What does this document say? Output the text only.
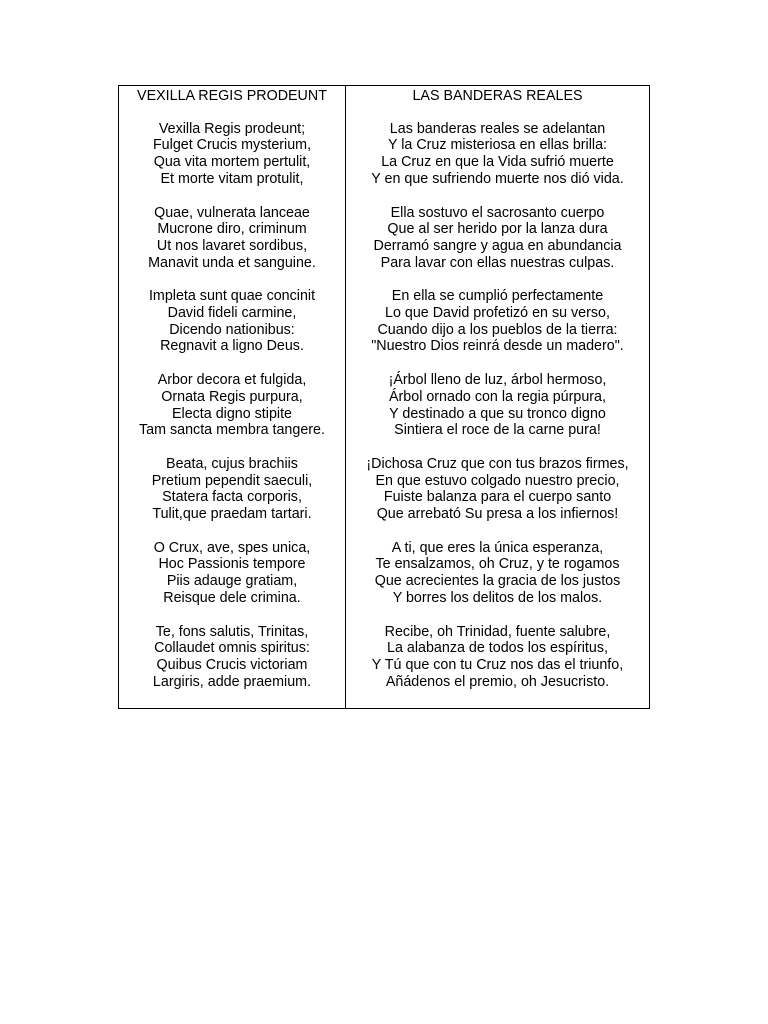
VEXILLA REGIS PRODEUNT
Vexilla Regis prodeunt;
Fulget Crucis mysterium,
Qua vita mortem pertulit,
Et morte vitam protulit,
Quae, vulnerata lanceae
Mucrone diro, criminum
Ut nos lavaret sordibus,
Manavit unda et sanguine.
Impleta sunt quae concinit
David fideli carmine,
Dicendo nationibus:
Regnavit a ligno Deus.
Arbor decora et fulgida,
Ornata Regis purpura,
Electa digno stipite
Tam sancta membra tangere.
Beata, cujus brachiis
Pretium pependit saeculi,
Statera facta corporis,
Tulit,que praedam tartari.
O Crux, ave, spes unica,
Hoc Passionis tempore
Piis adauge gratiam,
Reisque dele crimina.
Te, fons salutis, Trinitas,
Collaudet omnis spiritus:
Quibus Crucis victoriam
Largiris, adde praemium.
LAS BANDERAS REALES
Las banderas reales se adelantan
Y la Cruz misteriosa en ellas brilla:
La Cruz en que la Vida sufrió muerte
Y en que sufriendo muerte nos dió vida.
Ella sostuvo el sacrosanto cuerpo
Que al ser herido por la lanza dura
Derramó sangre y agua en abundancia
Para lavar con ellas nuestras culpas.
En ella se cumplió perfectamente
Lo que David profetizó en su verso,
Cuando dijo a los pueblos de la tierra:
"Nuestro Dios reinrá desde un madero".
¡Árbol lleno de luz, árbol hermoso,
Árbol ornado con la regia púrpura,
Y destinado a que su tronco digno
Sintiera el roce de la carne pura!
¡Dichosa Cruz que con tus brazos firmes,
En que estuvo colgado nuestro precio,
Fuiste balanza para el cuerpo santo
Que arrebató Su presa a los infiernos!
A ti, que eres la única esperanza,
Te ensalzamos, oh Cruz, y te rogamos
Que acrecientes la gracia de los justos
Y borres los delitos de los malos.
Recibe, oh Trinidad, fuente salubre,
La alabanza de todos los espíritus,
Y Tú que con tu Cruz nos das el triunfo,
Añádenos el premio, oh Jesucristo.
